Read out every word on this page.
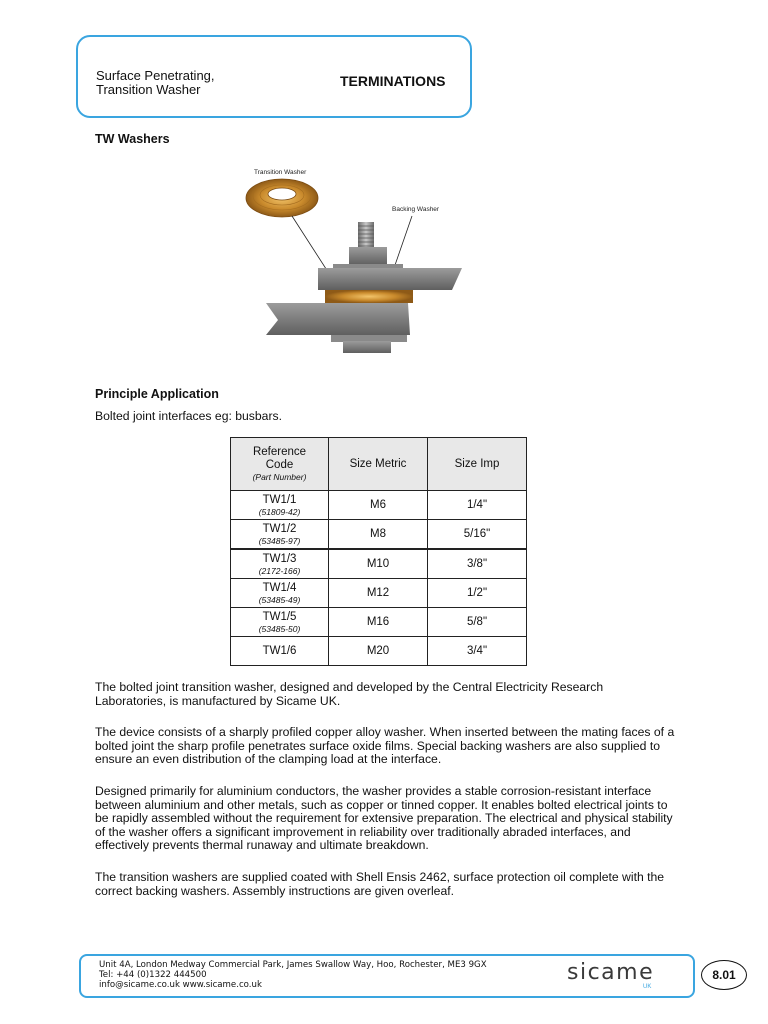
Surface Penetrating,
Transition Washer
TERMINATIONS
TW Washers
Transition Washer
Backing Washer
Principle Application
Bolted joint interfaces eg: busbars.
Reference
Code
(Part Number)	Size Metric	Size Imp

TW1/1
(51809-42)	M6	1/4"

TW1/2
(53485-97)	M8	5/16"

TW1/3
(2172-166)	M10	3/8"

TW1/4
(53485-49)	M12	1/2"

TW1/5
(53485-50)	M16	5/8"

TW1/6	M20	3/4"
The bolted joint transition washer, designed and developed by the Central Electricity Research Laboratories, is manufactured by Sicame UK.
The device consists of a sharply profiled copper alloy washer. When inserted between the mating faces of a bolted joint the sharp profile penetrates surface oxide films. Special backing washers are also supplied to ensure an even distribution of the clamping load at the interface.
Designed primarily for aluminium conductors, the washer provides a stable corrosion-resistant interface between aluminium and other metals, such as copper or tinned copper. It enables bolted electrical joints to be rapidly assembled without the requirement for extensive preparation. The electrical and physical stability of the washer offers a significant improvement in reliability over traditionally abraded interfaces, and effectively prevents thermal runaway and ultimate breakdown.
The transition washers are supplied coated with Shell Ensis 2462, surface protection oil complete with the correct backing washers. Assembly instructions are given overleaf.
Unit 4A, London Medway Commercial Park, James Swallow Way, Hoo, Rochester, ME3 9GX
Tel: +44 (0)1322 444500
info@sicame.co.uk www.sicame.co.uk	sicame
UK
8.01
